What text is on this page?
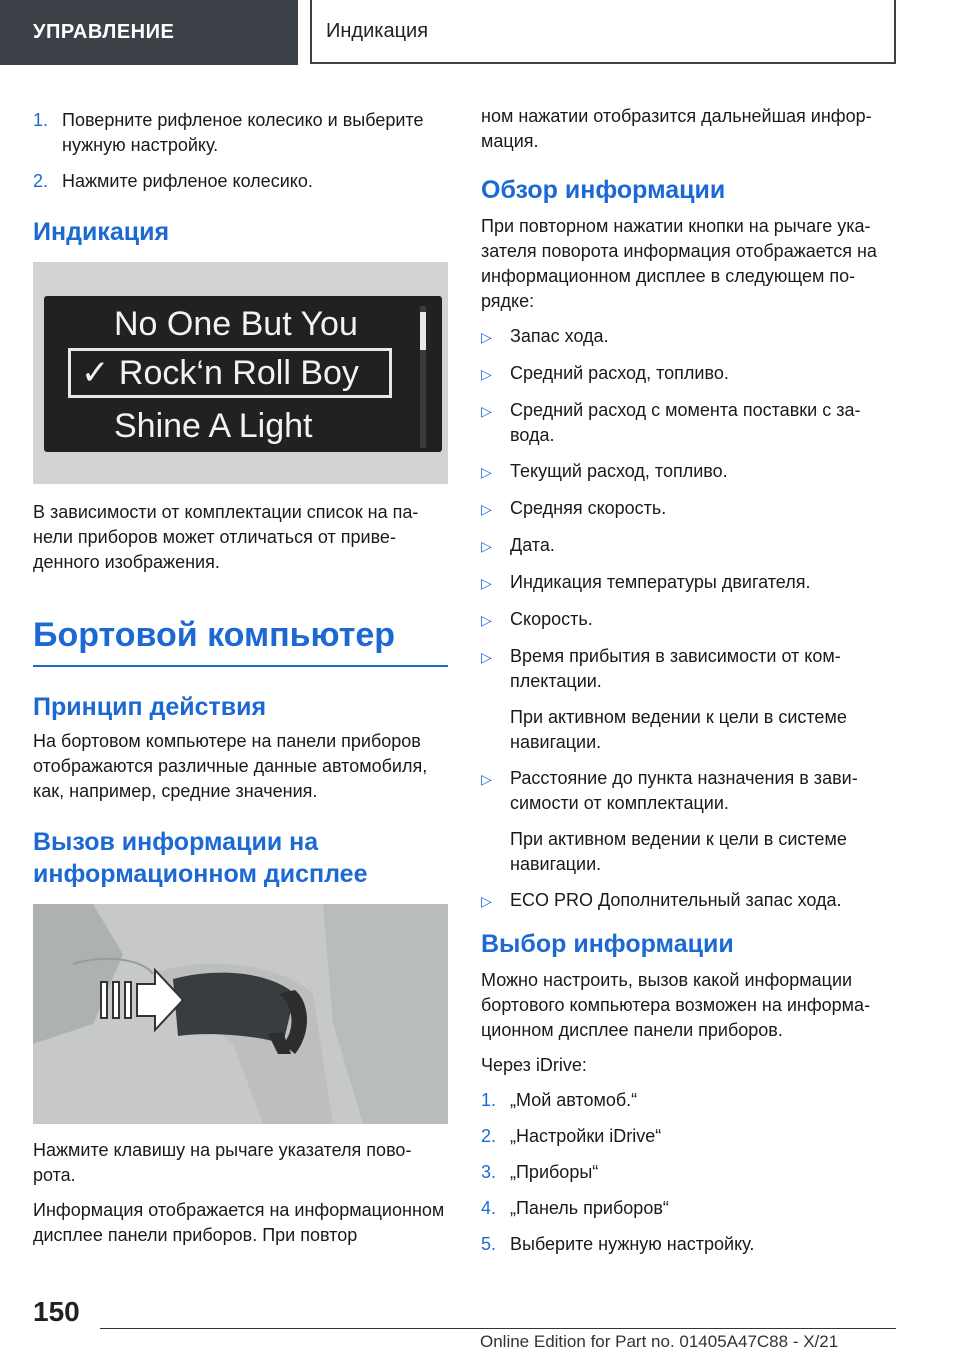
УПРАВЛЕНИЕ	Индикация
1. Поверните рифленое колесико и выберите нужную настройку.
2. Нажмите рифленое колесико.
Индикация
No One But You
✓ Rock‘n Roll Boy
Shine A Light

В зависимости от комплектации список на панели приборов может отличаться от приведенного изображения.

Бортовой компьютер
Принцип действия

На бортовом компьютере на панели приборов отображаются различные данные автомобиля, как, например, средние значения.

Вызов информации на информационном дисплее

Нажмите клавишу на рычаге указателя поворота.

Информация отображается на информационном дисплее панели приборов. При повтор

ном нажатии отобразится дальнейшая информация.

Обзор информации

При повторном нажатии кнопки на рычаге указателя поворота информация отображается на информационном дисплее в следующем порядке:

▷	Запас хода.
▷	Средний расход, топливо.
▷	Средний расход с момента поставки с завода.
▷	Текущий расход, топливо.
▷	Средняя скорость.
▷	Дата.
▷	Индикация температуры двигателя.
▷	Скорость.
▷	Время прибытия в зависимости от комплектации.
При активном ведении к цели в системе навигации.
▷	Расстояние до пункта назначения в зависимости от комплектации.
При активном ведении к цели в системе навигации.
▷	ECO PRO Дополнительный запас хода.
Выбор информации

Можно настроить, вызов какой информации бортового компьютера возможен на информационном дисплее панели приборов.

Через iDrive:

1. „Мой автомоб.“
2. „Настройки iDrive“
3. „Приборы“
4. „Панель приборов“
5. Выберите нужную настройку.
150
Online Edition for Part no. 01405A47C88 - X/21
